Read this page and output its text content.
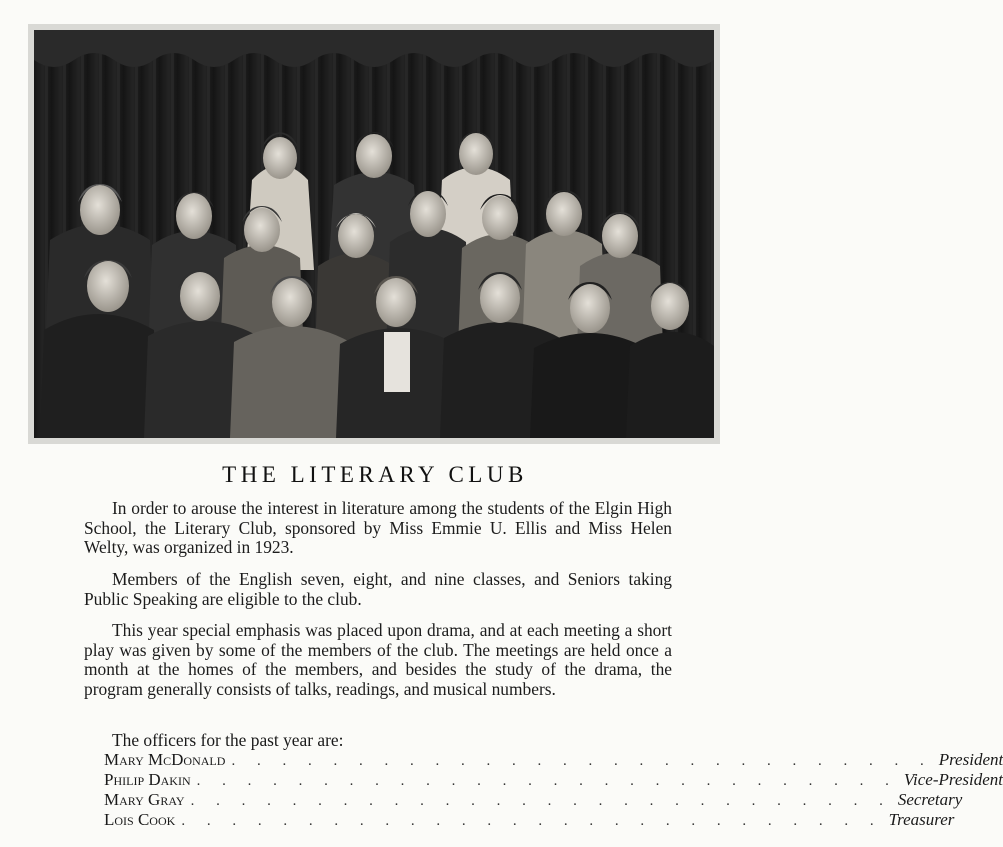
THE LITERARY CLUB

In order to arouse the interest in literature among the students of the Elgin High School, the Literary Club, sponsored by Miss Emmie U. Ellis and Miss Helen Welty, was organized in 1923.

Members of the English seven, eight, and nine classes, and Seniors taking Public Speaking are eligible to the club.

This year special emphasis was placed upon drama, and at each meeting a short play was given by some of the members of the club. The meetings are held once a month at the homes of the members, and besides the study of the drama, the program generally consists of talks, readings, and musical numbers.

The officers for the past year are:

Mary McDonald . . . . . . . . . . . . . . . . . . . . . . . . . . . . President
Philip Dakin . . . . . . . . . . . . . . . . . . . . . . . . . . . . Vice-President
Mary Gray . . . . . . . . . . . . . . . . . . . . . . . . . . . . Secretary
Lois Cook . . . . . . . . . . . . . . . . . . . . . . . . . . . . Treasurer
